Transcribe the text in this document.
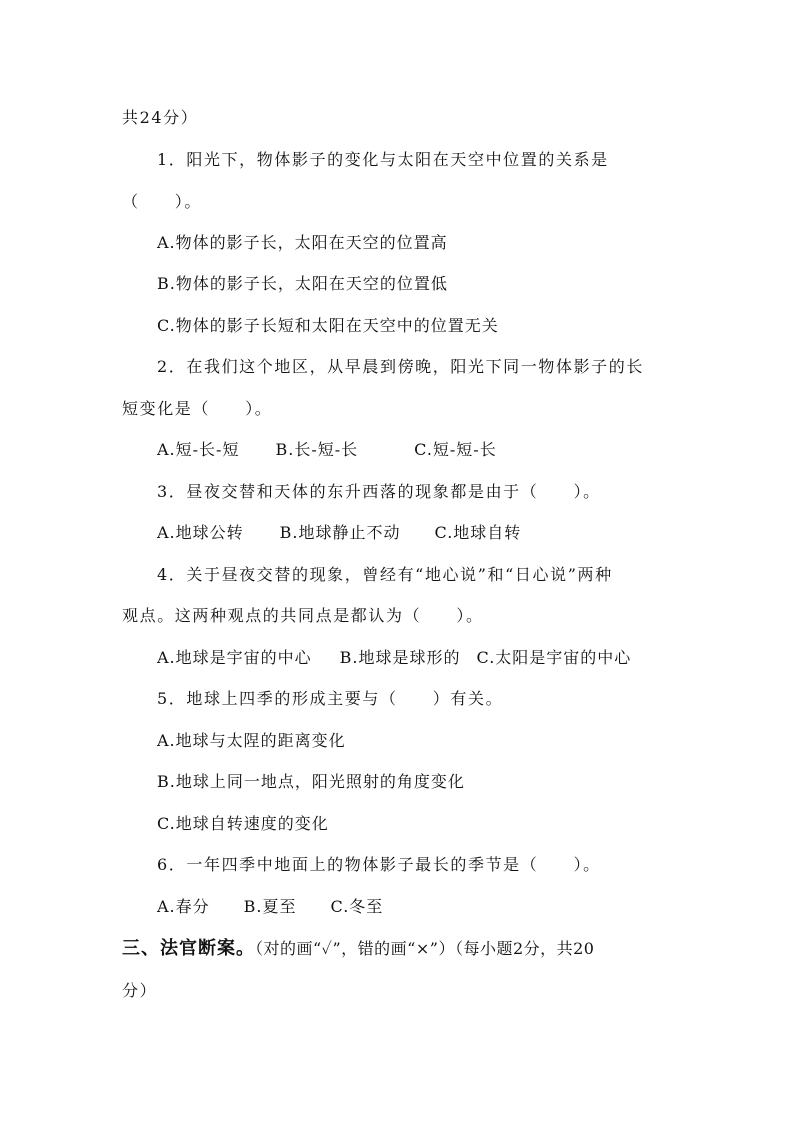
共24分）
1．阳光下，物体影子的变化与太阳在天空中位置的关系是
（　　）。
A.物体的影子长，太阳在天空的位置高
B.物体的影子长，太阳在天空的位置低
C.物体的影子长短和太阳在天空中的位置无关
2．在我们这个地区，从早晨到傍晚，阳光下同一物体影子的长
短变化是（　　）。
A.短-长-短 B.长-短-长	C.短-短-长
3．昼夜交替和天体的东升西落的现象都是由于（　　）。
A.地球公转 B.地球静止不动 C.地球自转
4．关于昼夜交替的现象，曾经有“地心说”和“日心说”两种
观点。这两种观点的共同点是都认为（　　）。
A.地球是宇宙的中心 B.地球是球形的 C.太阳是宇宙的中心
5．地球上四季的形成主要与（　　）有关。
A.地球与太陧的距离变化
B.地球上同一地点，阳光照射的角度变化
C.地球自转速度的变化
6．一年四季中地面上的物体影子最长的季节是（　　）。
A.春分 B.夏至 C.冬至
三、法官断案。（对的画“✓”，错的画“×”）（每小题2分，共20
分）
